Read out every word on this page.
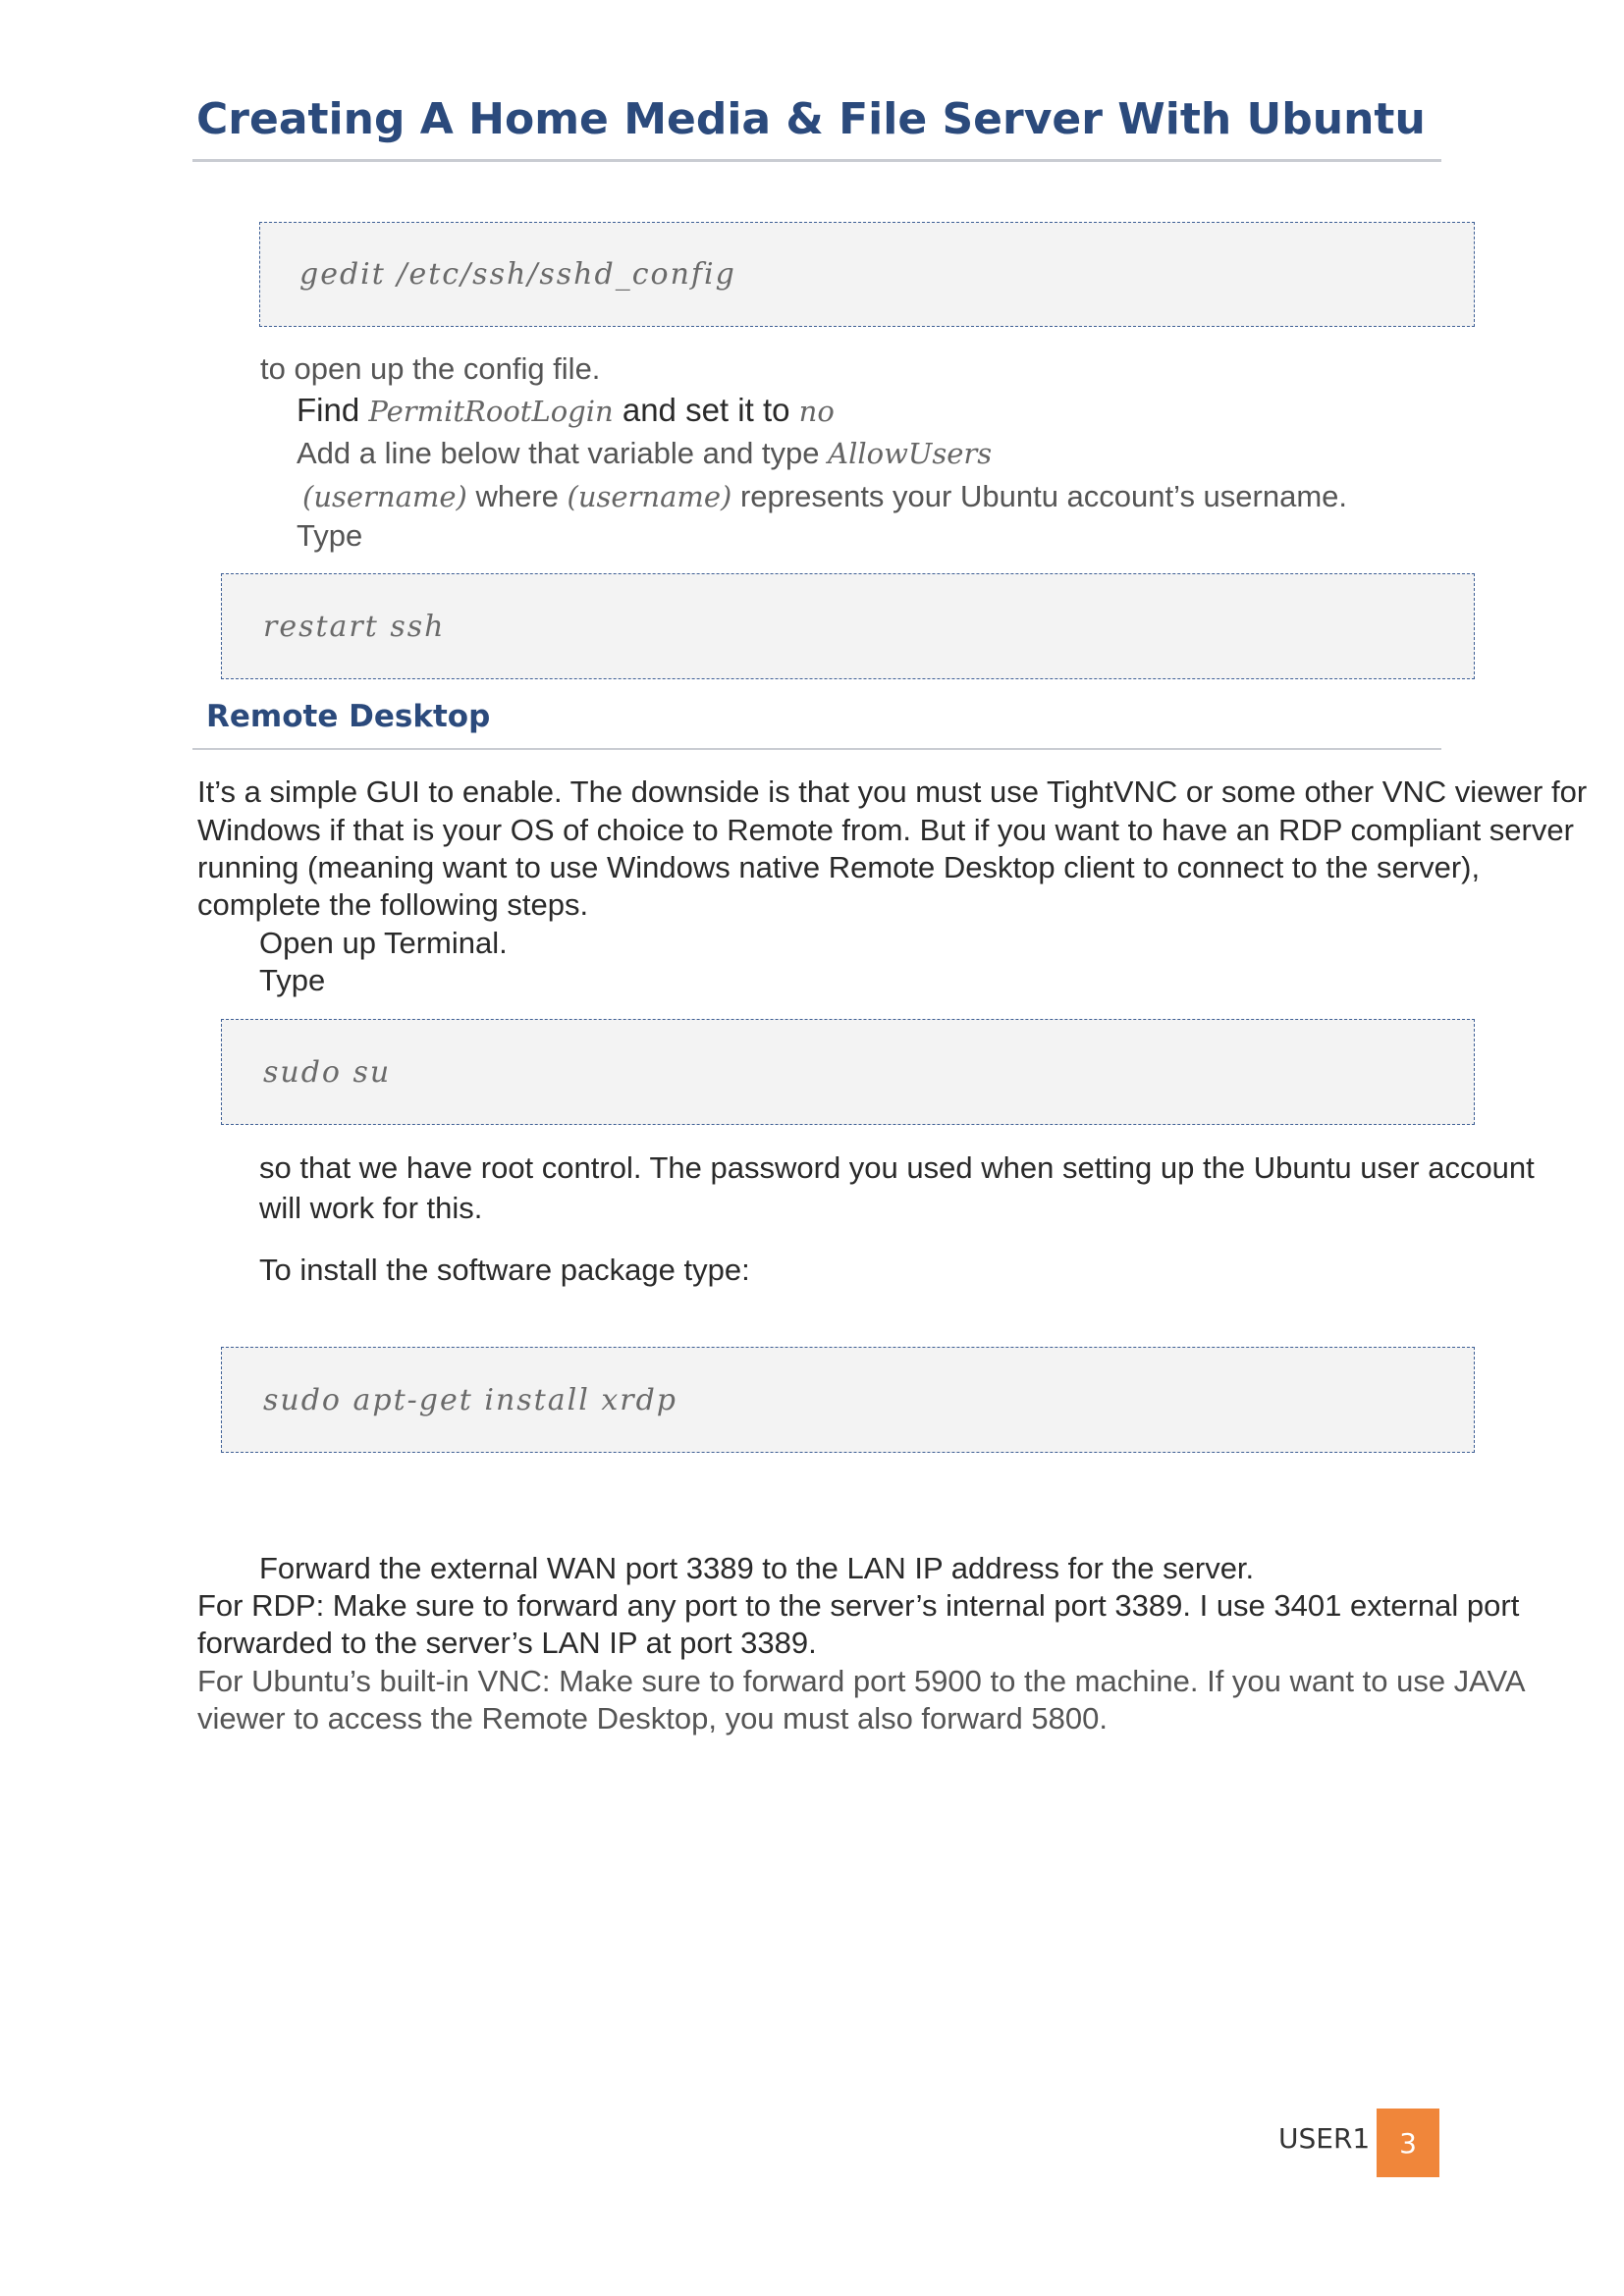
Creating A Home Media & File Server With Ubuntu
gedit /etc/ssh/sshd_config
to open up the config file.
Find PermitRootLogin and set it to no
Add a line below that variable and type AllowUsers
(username) where (username) represents your Ubuntu account’s username.
Type
restart ssh
Remote Desktop
It’s a simple GUI to enable. The downside is that you must use TightVNC or some other VNC viewer for
Windows if that is your OS of choice to Remote from. But if you want to have an RDP compliant server
running (meaning want to use Windows native Remote Desktop client to connect to the server),
complete the following steps.
Open up Terminal.
Type
sudo su
so that we have root control. The password you used when setting up the Ubuntu user account
will work for this.
To install the software package type:
sudo apt-get install xrdp
Forward the external WAN port 3389 to the LAN IP address for the server.
For RDP: Make sure to forward any port to the server’s internal port 3389. I use 3401 external port
forwarded to the server’s LAN IP at port 3389.
For Ubuntu’s built-in VNC: Make sure to forward port 5900 to the machine. If you want to use JAVA
viewer to access the Remote Desktop, you must also forward 5800.
USER1 3
